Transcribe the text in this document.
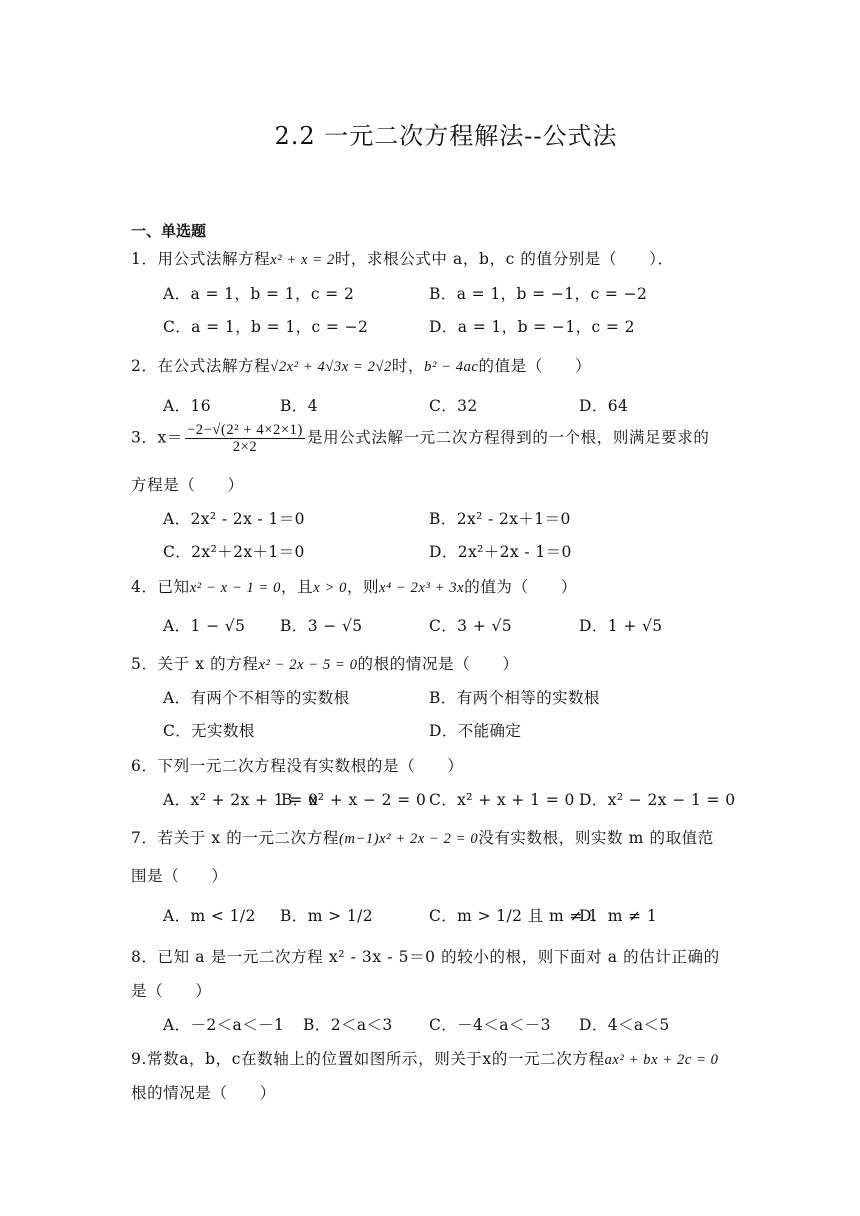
2.2 一元二次方程解法--公式法
一、单选题
1．用公式法解方程x² + x = 2时，求根公式中 a，b，c 的值分别是（　　）．
A．a = 1，b = 1，c = 2	B．a = 1，b = −1，c = −2
C．a = 1，b = 1，c = −2	D．a = 1，b = −1，c = 2
2．在公式法解方程√2x² + 4√3x = 2√2时，b² − 4ac的值是（　　）
A．16	B．4	C．32	D．64
3．$x= \frac{\text{−2−√(2² + 4×2×1)}}{2\times 2}$ 是用公式法解一元二次方程得到的一个根，则满足要求的
方程是（　　）
A．2x² - 2x - 1＝0	B．2x² - 2x＋1＝0
C．2x²＋2x＋1＝0	D．2x²＋2x - 1＝0
4．已知x² − x − 1 = 0，且x > 0，则x⁴ − 2x³ + 3x的值为（　　）
A．1 − √5 B．3 − √5	C．3 + √5	D．1 + √5
5．关于 x 的方程x² − 2x − 5 = 0的根的情况是（　　）
A．有两个不相等的实数根	B．有两个相等的实数根
C．无实数根	D．不能确定
6．下列一元二次方程没有实数根的是（　　）
A．x² + 2x + 1 = 0
B．x² + x − 2 = 0 C．x² + x + 1 = 0 D．x² − 2x − 1 = 0
7．若关于 x 的一元二次方程(m−1)x² + 2x − 2 = 0没有实数根，则实数 m 的取值范
围是（　　）
A．m < 1/2 B．m > 1/2	C．m > 1/2 且 m ≠ 1
D．m ≠ 1
8．已知 a 是一元二次方程 x² - 3x - 5＝0 的较小的根，则下面对 a 的估计正确的
是（　　）
A．－2＜a＜－1 B．2＜a＜3 C．－4＜a＜－3 D．4＜a＜5
9.常数a，b，c在数轴上的位置如图所示，则关于x的一元二次方程ax² + bx + 2c = 0
根的情况是（　　）
